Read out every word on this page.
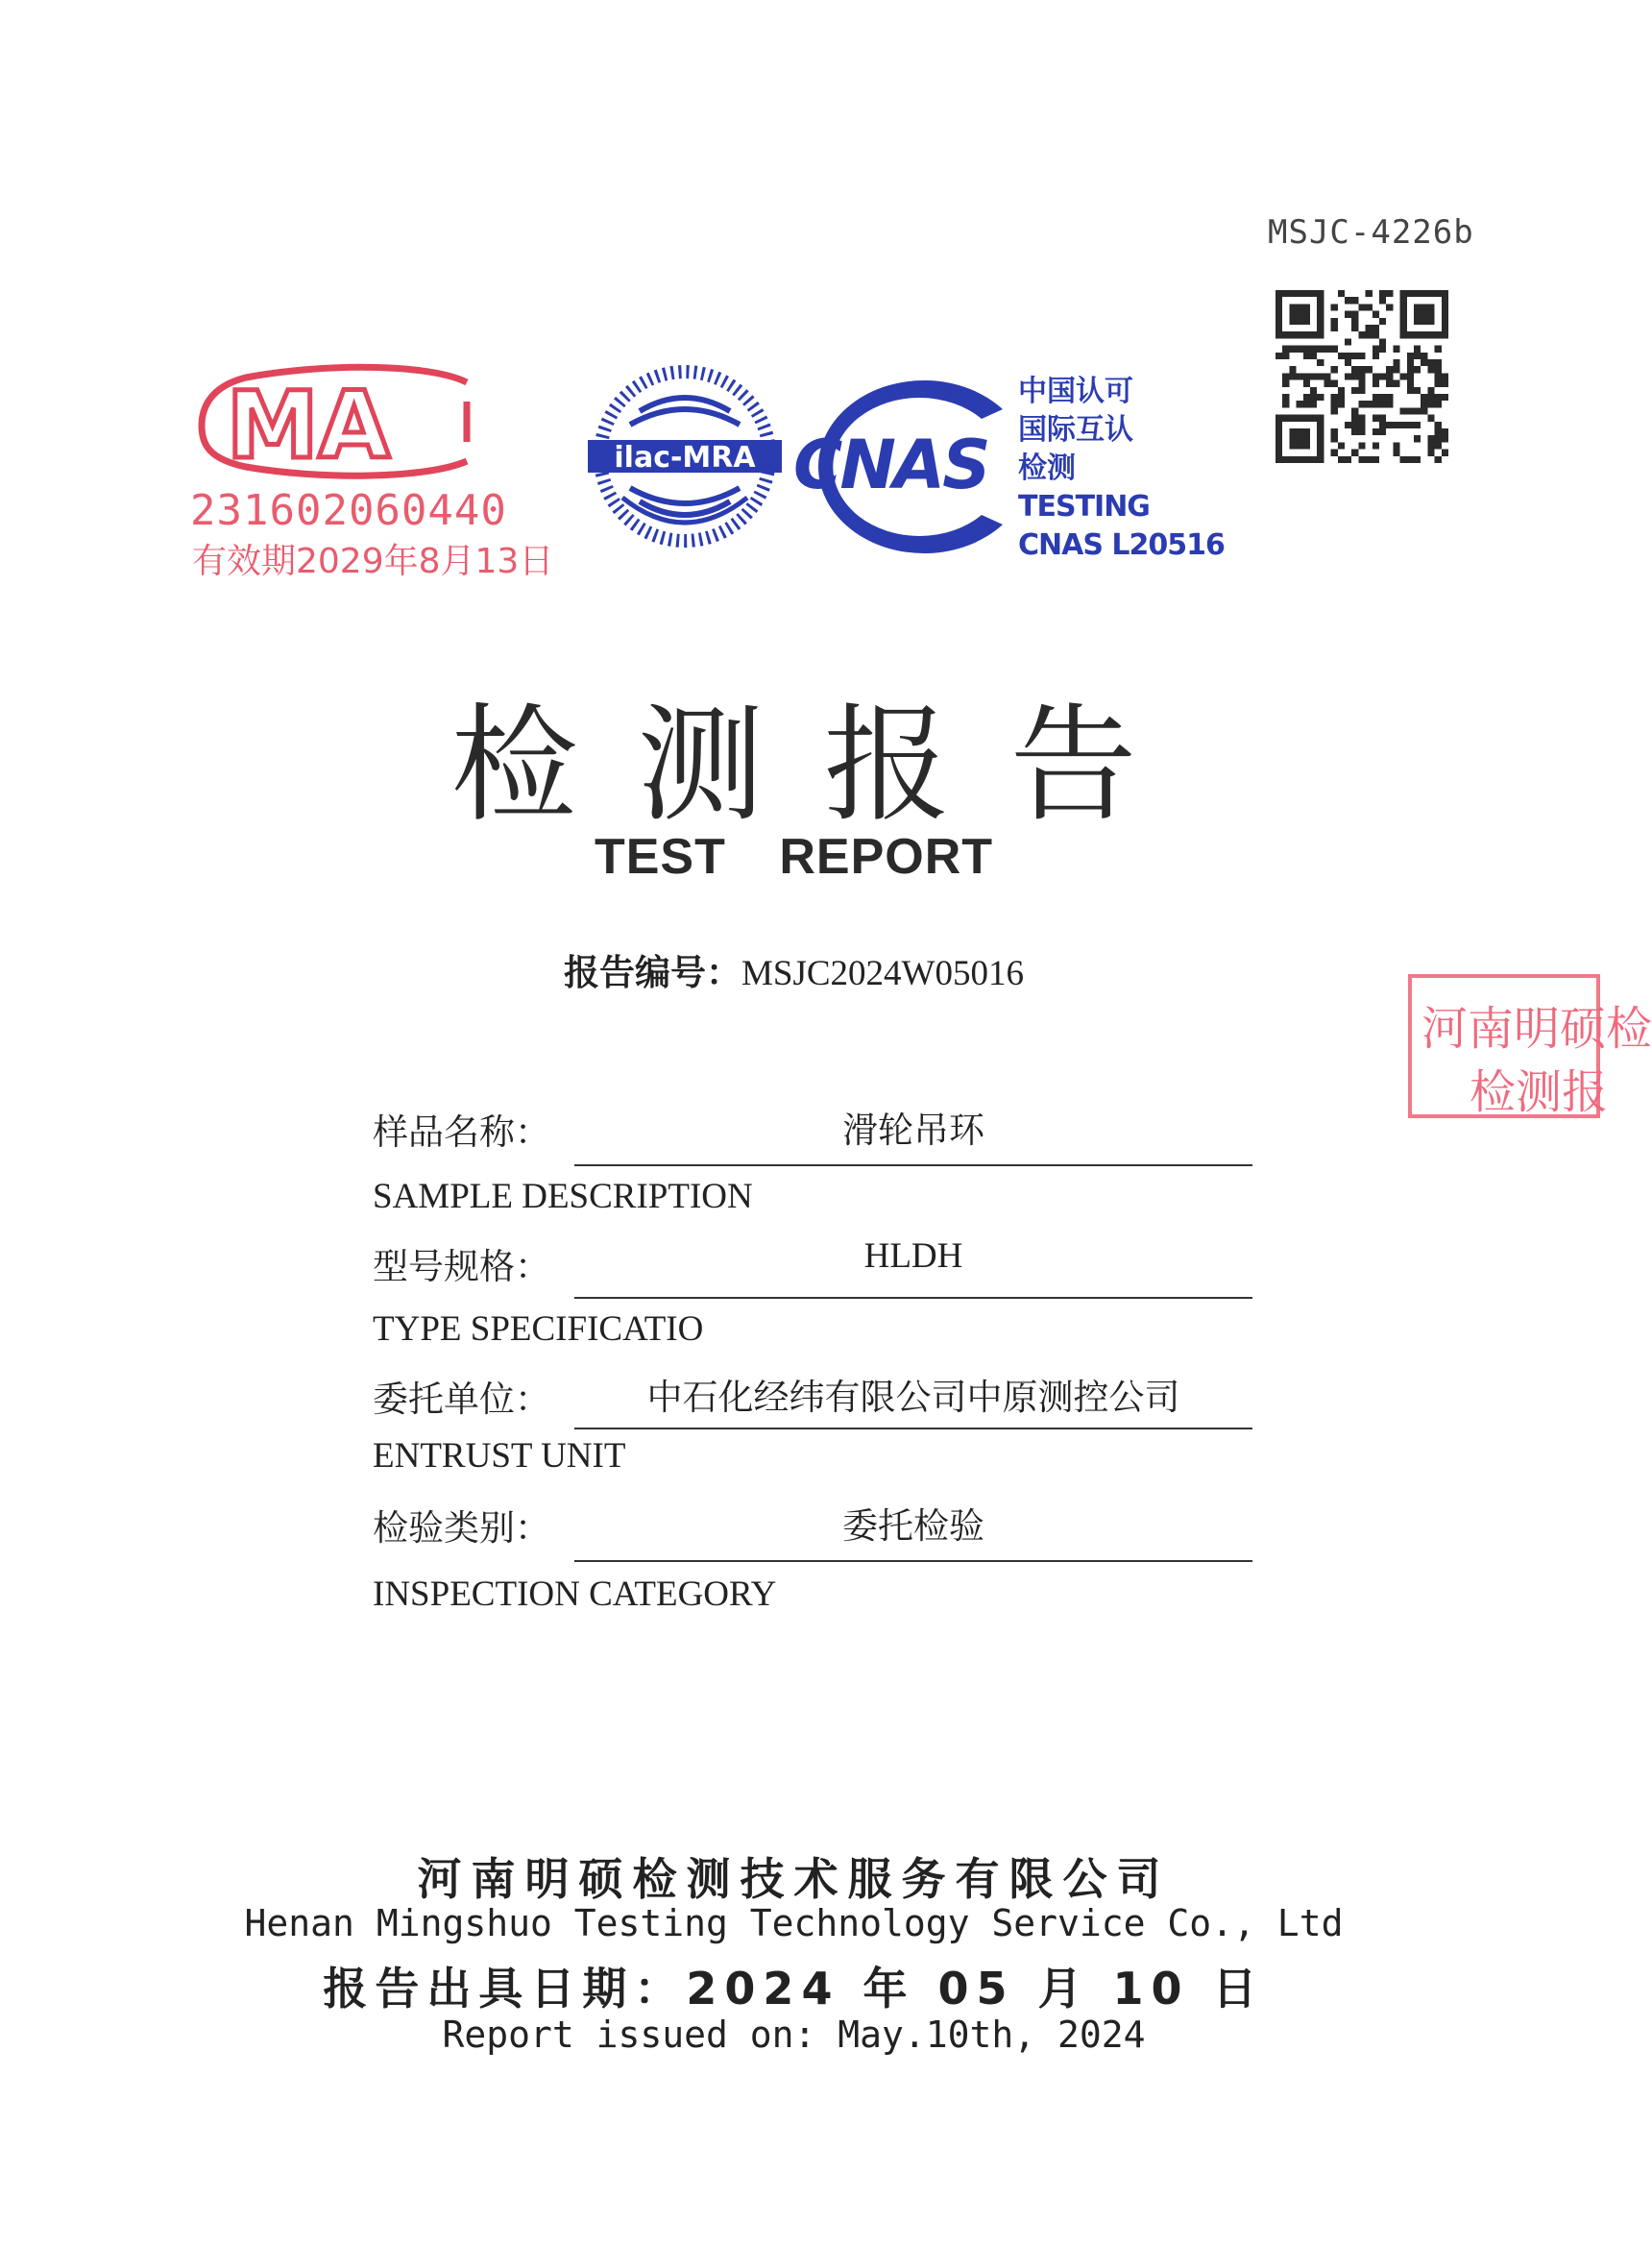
MSJC-4226b
MA
231602060440
有效期2029年8月13日
ilac-MRA CNAS
中国认可
国际互认
检测
TESTING
CNAS L20516
检测报告
TEST REPORT
报告编号：MSJC2024W05016
河南明硕检
检测报
样品名称：	滑轮吊环
SAMPLE DESCRIPTION
型号规格：	HLDH
TYPE SPECIFICATIO
委托单位：	中石化经纬有限公司中原测控公司
ENTRUST UNIT
检验类别：	委托检验
INSPECTION CATEGORY
河南明硕检测技术服务有限公司
Henan Mingshuo Testing Technology Service Co., Ltd
报告出具日期：2024 年 05 月 10 日
Report issued on: May.10th, 2024
